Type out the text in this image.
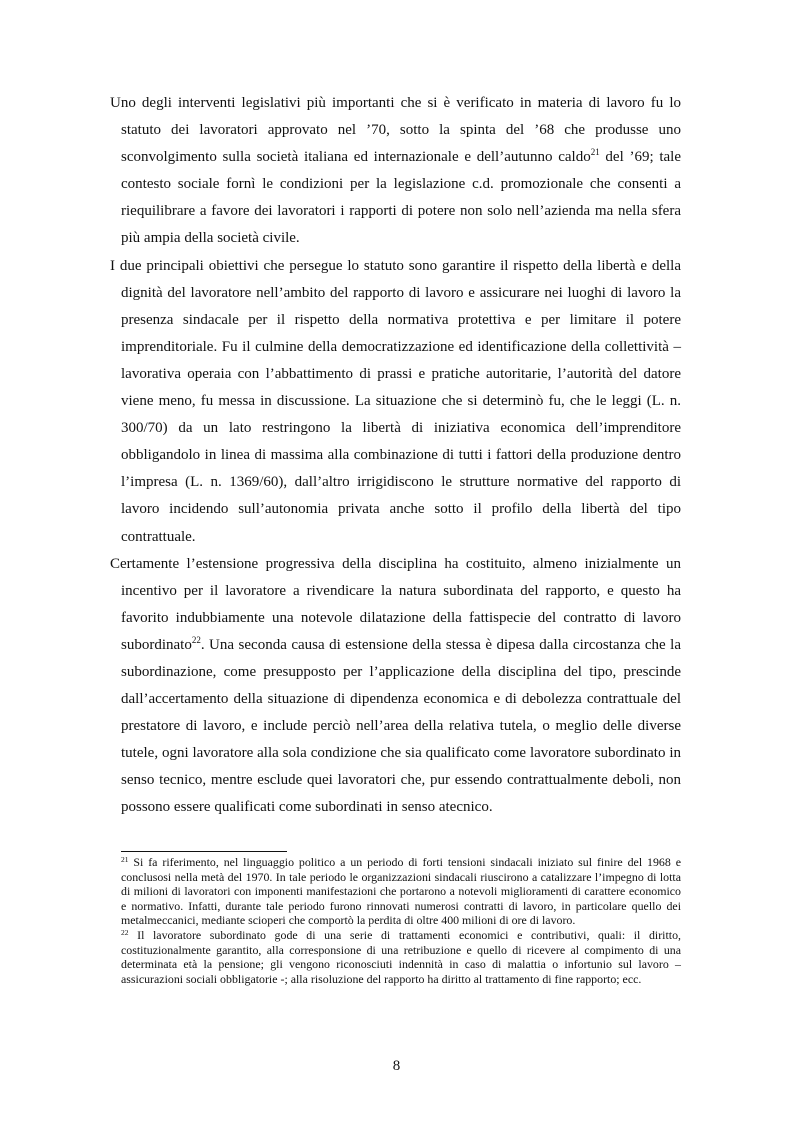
Uno degli interventi legislativi più importanti che si è verificato in materia di lavoro fu lo statuto dei lavoratori approvato nel ’70, sotto la spinta del ’68 che produsse uno sconvolgimento sulla società italiana ed internazionale e dell’autunno caldo$^{21}$ del ’69; tale contesto sociale fornì le condizioni per la legislazione c.d. promozionale che consenti a riequilibrare a favore dei lavoratori i rapporti di potere non solo nell’azienda ma nella sfera più ampia della società civile.

I due principali obiettivi che persegue lo statuto sono garantire il rispetto della libertà e della dignità del lavoratore nell’ambito del rapporto di lavoro e assicurare nei luoghi di lavoro la presenza sindacale per il rispetto della normativa protettiva e per limitare il potere imprenditoriale. Fu il culmine della democratizzazione ed identificazione della collettività – lavorativa operaia con l’abbattimento di prassi e pratiche autoritarie, l’autorità del datore viene meno, fu messa in discussione. La situazione che si determinò fu, che le leggi (L. n. 300/70) da un lato restringono la libertà di iniziativa economica dell’imprenditore obbligandolo in linea di massima alla combinazione di tutti i fattori della produzione dentro l’impresa (L. n. 1369/60), dall’altro irrigidiscono le strutture normative del rapporto di lavoro incidendo sull’autonomia privata anche sotto il profilo della libertà del tipo contrattuale.

Certamente l’estensione progressiva della disciplina ha costituito, almeno inizialmente un incentivo per il lavoratore a rivendicare la natura subordinata del rapporto, e questo ha favorito indubbiamente una notevole dilatazione della fattispecie del contratto di lavoro subordinato$^{22}$. Una seconda causa di estensione della stessa è dipesa dalla circostanza che la subordinazione, come presupposto per l’applicazione della disciplina del tipo, prescinde dall’accertamento della situazione di dipendenza economica e di debolezza contrattuale del prestatore di lavoro, e include perciò nell’area della relativa tutela, o meglio delle diverse tutele, ogni lavoratore alla sola condizione che sia qualificato come lavoratore subordinato in senso tecnico, mentre esclude quei lavoratori che, pur essendo contrattualmente deboli, non possono essere qualificati come subordinati in senso atecnico.

$^{21}$ Si fa riferimento, nel linguaggio politico a un periodo di forti tensioni sindacali iniziato sul finire del 1968 e conclusosi nella metà del 1970. In tale periodo le organizzazioni sindacali riuscirono a catalizzare l’impegno di lotta di milioni di lavoratori con imponenti manifestazioni che portarono a notevoli miglioramenti di carattere economico e normativo. Infatti, durante tale periodo furono rinnovati numerosi contratti di lavoro, in particolare quello dei metalmeccanici, mediante scioperi che comportò la perdita di oltre 400 milioni di ore di lavoro.

$^{22}$ Il lavoratore subordinato gode di una serie di trattamenti economici e contributivi, quali: il diritto, costituzionalmente garantito, alla corresponsione di una retribuzione e quello di ricevere al compimento di una determinata età la pensione; gli vengono riconosciuti indennità in caso di malattia o infortunio sul lavoro – assicurazioni sociali obbligatorie -; alla risoluzione del rapporto ha diritto al trattamento di fine rapporto; ecc.

8
